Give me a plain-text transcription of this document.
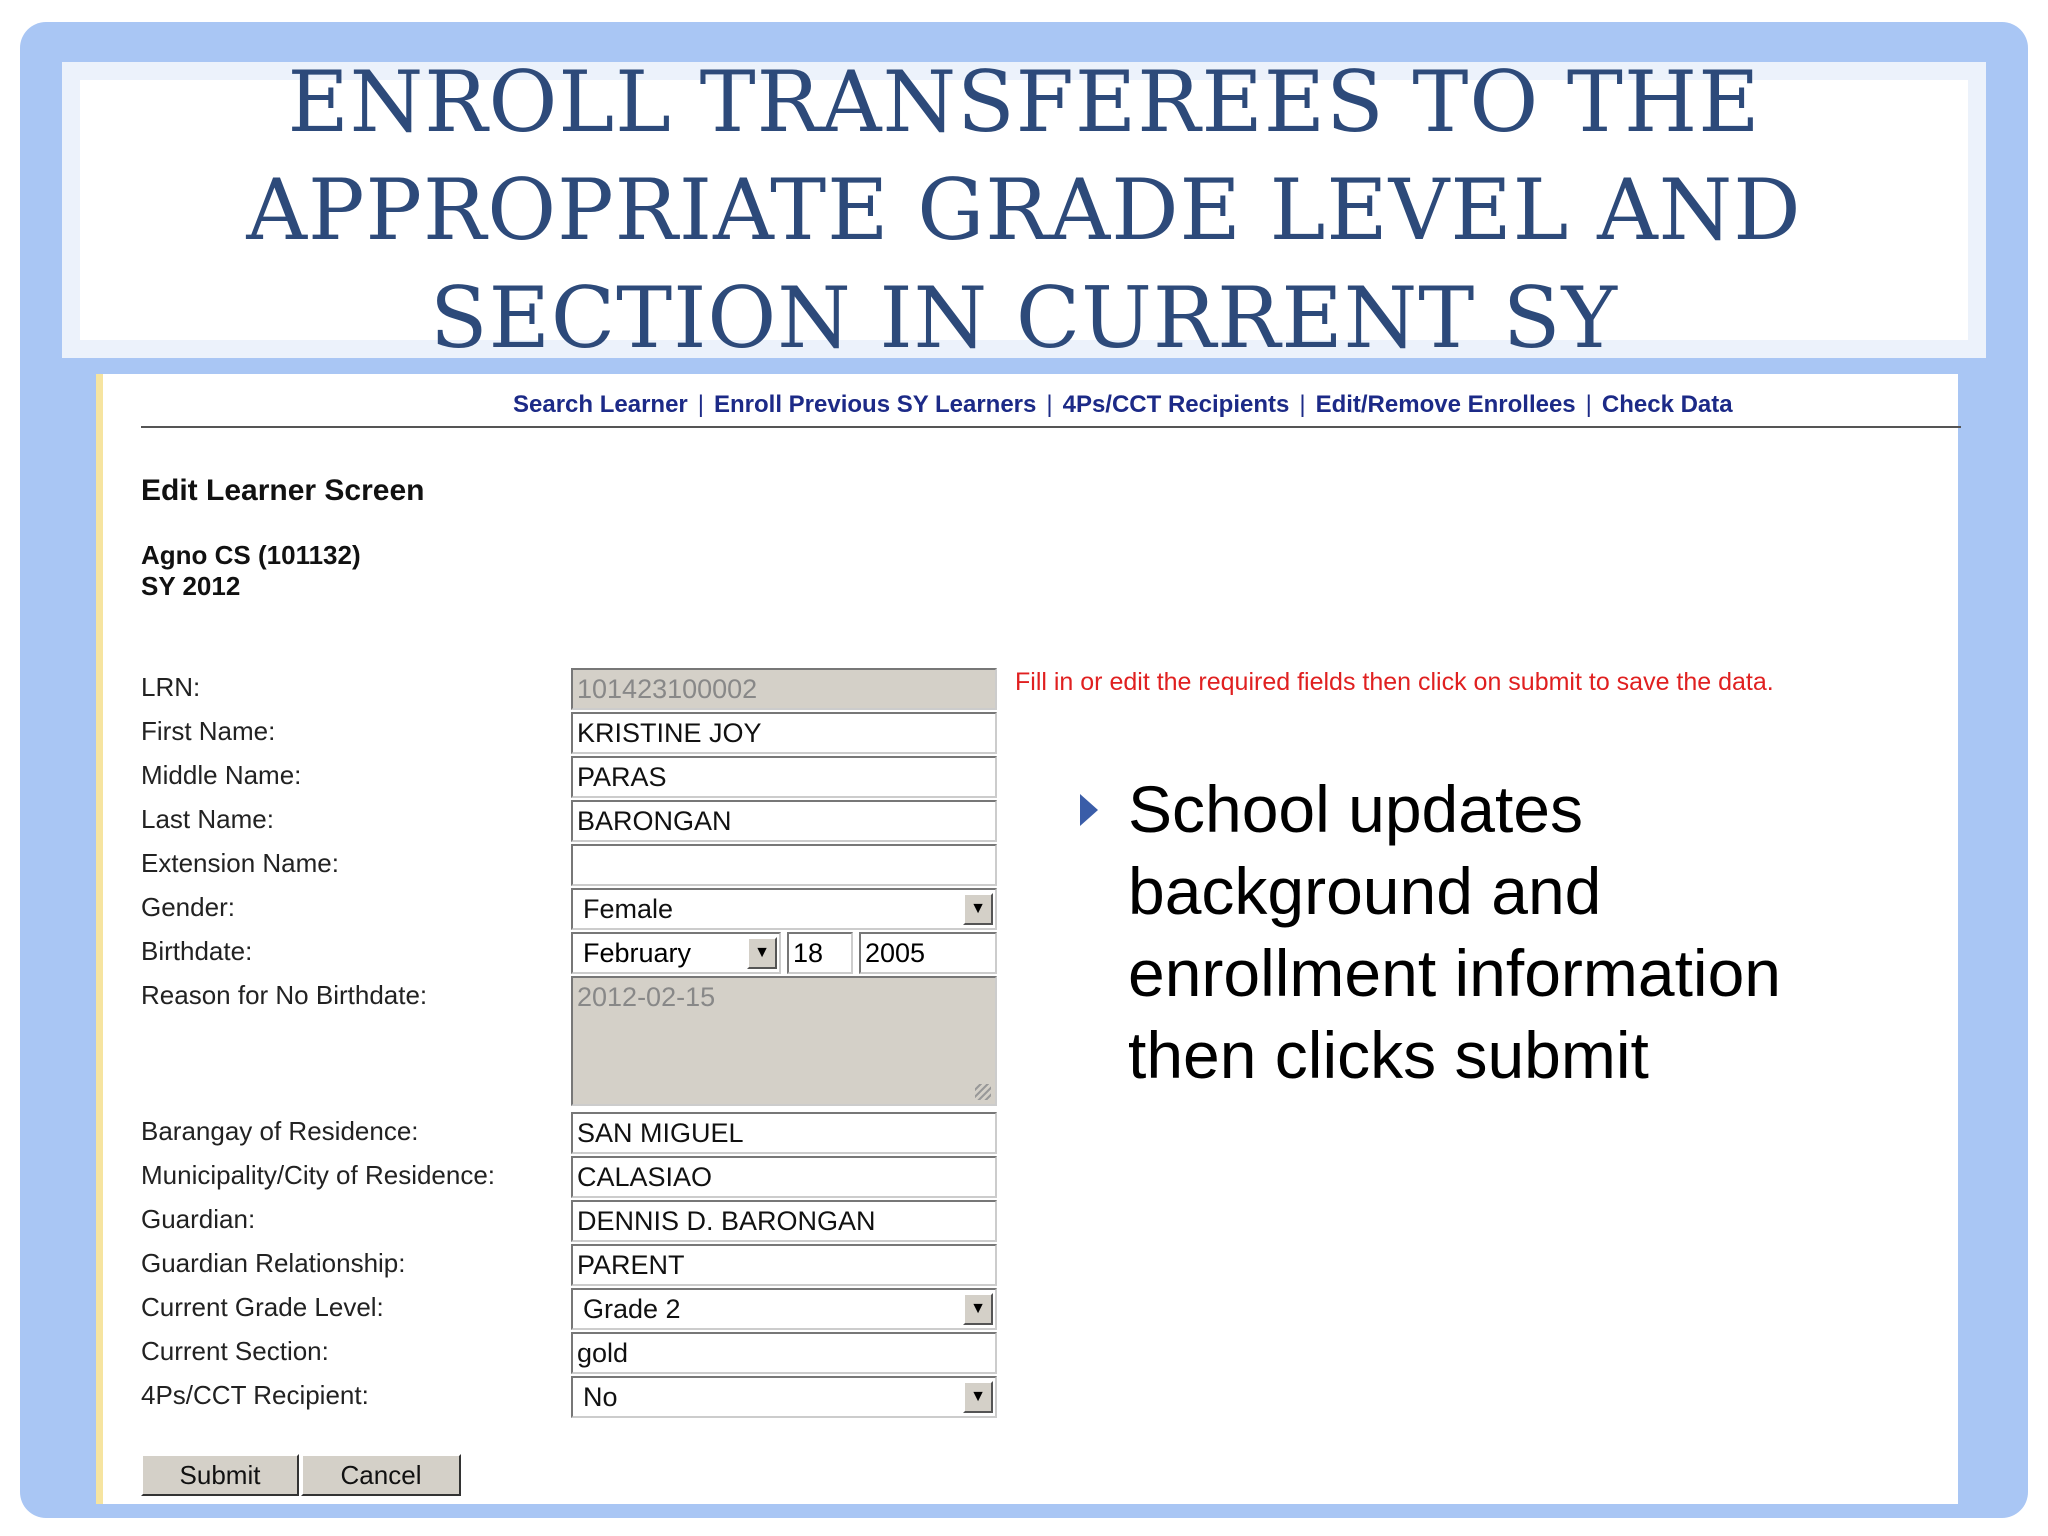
ENROLL TRANSFEREES TO THE
APPROPRIATE GRADE LEVEL AND
SECTION IN CURRENT SY
Search Learner | Enroll Previous SY Learners | 4Ps/CCT Recipients | Edit/Remove Enrollees | Check Data
Edit Learner Screen
Agno CS (101132)
SY 2012
Fill in or edit the required fields then click on submit to save the data.
LRN:	101423100002
First Name:	KRISTINE JOY
Middle Name:	PARAS
Last Name:	BARONGAN
Extension Name:
Gender:	Female	▼
Birthdate:	February	▼ 18	2005
Reason for No Birthdate:	2012-02-15
Barangay of Residence:	SAN MIGUEL
Municipality/City of Residence:	CALASIAO
Guardian:	DENNIS D. BARONGAN
Guardian Relationship:	PARENT
Current Grade Level:	Grade 2	▼
Current Section:	gold
4Ps/CCT Recipient:	No	▼
Submit	Cancel

School updates background and enrollment information then clicks submit
